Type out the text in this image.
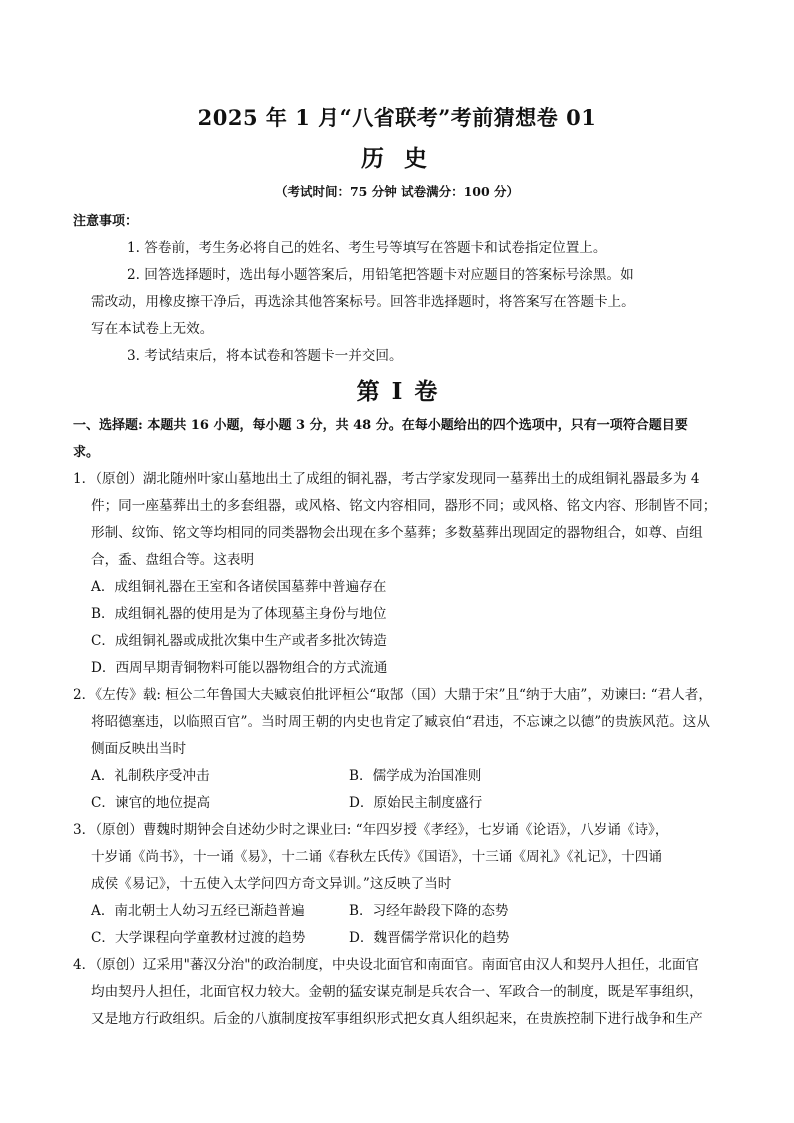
2025 年 1 月“八省联考”考前猜想卷 01
历 史
（考试时间：75 分钟 试卷满分：100 分）
注意事项：
1. 答卷前，考生务必将自己的姓名、考生号等填写在答题卡和试卷指定位置上。
2. 回答选择题时，选出每小题答案后，用铅笔把答题卡对应题目的答案标号涂黑。如
需改动，用橡皮擦干净后，再选涂其他答案标号。回答非选择题时，将答案写在答题卡上。
写在本试卷上无效。
3. 考试结束后，将本试卷和答题卡一并交回。
第 I 卷
一、选择题: 本题共 16 小题，每小题 3 分，共 48 分。在每小题给出的四个选项中，只有一项符合题目要
求。
1．（原创）湖北随州叶家山墓地出土了成组的铜礼器，考古学家发现同一墓葬出土的成组铜礼器最多为 4
件；同一座墓葬出土的多套组器，或风格、铭文内容相同，器形不同；或风格、铭文内容、形制皆不同；
形制、纹饰、铭文等均相同的同类器物会出现在多个墓葬；多数墓葬出现固定的器物组合，如尊、卣组
合，盉、盘组合等。这表明
A．成组铜礼器在王室和各诸侯国墓葬中普遍存在
B．成组铜礼器的使用是为了体现墓主身份与地位
C．成组铜礼器或成批次集中生产或者多批次铸造
D．西周早期青铜物料可能以器物组合的方式流通
2．《左传》载: 桓公二年鲁国大夫臧哀伯批评桓公“取郜（国）大鼎于宋”且“纳于大庙”，劝谏曰: “君人者，
将昭德塞违，以临照百官”。当时周王朝的内史也肯定了臧哀伯“君违，不忘谏之以德”的贵族风范。这从
侧面反映出当时
A．礼制秩序受冲击	B．儒学成为治国准则
C．谏官的地位提高	D．原始民主制度盛行
3．（原创）曹魏时期钟会自述幼少时之课业曰: “年四岁授《孝经》，七岁诵《论语》，八岁诵《诗》，
十岁诵《尚书》，十一诵《易》，十二诵《春秋左氏传》《国语》，十三诵《周礼》《礼记》，十四诵
成侯《易记》，十五使入太学问四方奇文异训。”这反映了当时
A．南北朝士人幼习五经已渐趋普遍	B．习经年龄段下降的态势
C．大学课程向学童教材过渡的趋势	D．魏晋儒学常识化的趋势
4．（原创）辽采用"蕃汉分治"的政治制度，中央设北面官和南面官。南面官由汉人和契丹人担任，北面官
均由契丹人担任，北面官权力较大。金朝的猛安谋克制是兵农合一、军政合一的制度，既是军事组织，
又是地方行政组织。后金的八旗制度按军事组织形式把女真人组织起来，在贵族控制下进行战争和生产
